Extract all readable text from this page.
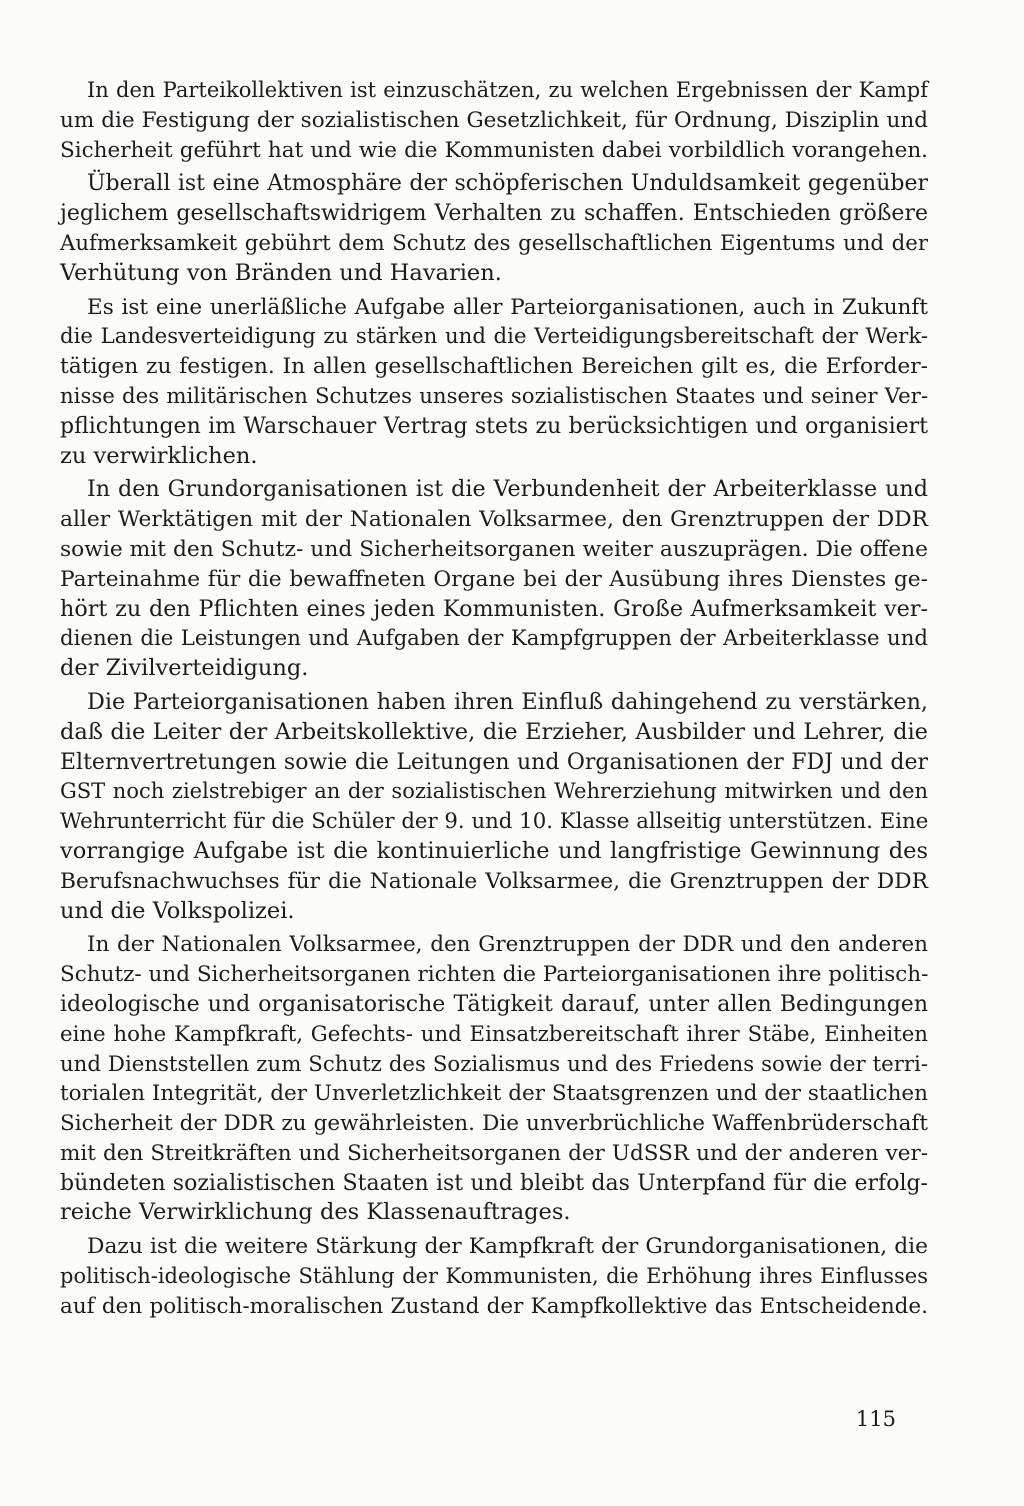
In den Parteikollektiven ist einzuschätzen, zu welchen Ergebnissen der Kampf
um die Festigung der sozialistischen Gesetzlichkeit, für Ordnung, Disziplin und
Sicherheit geführt hat und wie die Kommunisten dabei vorbildlich vorangehen.
Überall ist eine Atmosphäre der schöpferischen Unduldsamkeit gegenüber
jeglichem gesellschaftswidrigem Verhalten zu schaffen. Entschieden größere
Aufmerksamkeit gebührt dem Schutz des gesellschaftlichen Eigentums und der
Verhütung von Bränden und Havarien.
Es ist eine unerläßliche Aufgabe aller Parteiorganisationen, auch in Zukunft
die Landesverteidigung zu stärken und die Verteidigungsbereitschaft der Werk-
tätigen zu festigen. In allen gesellschaftlichen Bereichen gilt es, die Erforder-
nisse des militärischen Schutzes unseres sozialistischen Staates und seiner Ver-
pflichtungen im Warschauer Vertrag stets zu berücksichtigen und organisiert
zu verwirklichen.
In den Grundorganisationen ist die Verbundenheit der Arbeiterklasse und
aller Werktätigen mit der Nationalen Volksarmee, den Grenztruppen der DDR
sowie mit den Schutz- und Sicherheitsorganen weiter auszuprägen. Die offene
Parteinahme für die bewaffneten Organe bei der Ausübung ihres Dienstes ge-
hört zu den Pflichten eines jeden Kommunisten. Große Aufmerksamkeit ver-
dienen die Leistungen und Aufgaben der Kampfgruppen der Arbeiterklasse und
der Zivilverteidigung.
Die Parteiorganisationen haben ihren Einfluß dahingehend zu verstärken,
daß die Leiter der Arbeitskollektive, die Erzieher, Ausbilder und Lehrer, die
Elternvertretungen sowie die Leitungen und Organisationen der FDJ und der
GST noch zielstrebiger an der sozialistischen Wehrerziehung mitwirken und den
Wehrunterricht für die Schüler der 9. und 10. Klasse allseitig unterstützen. Eine
vorrangige Aufgabe ist die kontinuierliche und langfristige Gewinnung des
Berufsnachwuchses für die Nationale Volksarmee, die Grenztruppen der DDR
und die Volkspolizei.
In der Nationalen Volksarmee, den Grenztruppen der DDR und den anderen
Schutz- und Sicherheitsorganen richten die Parteiorganisationen ihre politisch-
ideologische und organisatorische Tätigkeit darauf, unter allen Bedingungen
eine hohe Kampfkraft, Gefechts- und Einsatzbereitschaft ihrer Stäbe, Einheiten
und Dienststellen zum Schutz des Sozialismus und des Friedens sowie der terri-
torialen Integrität, der Unverletzlichkeit der Staatsgrenzen und der staatlichen
Sicherheit der DDR zu gewährleisten. Die unverbrüchliche Waffenbrüderschaft
mit den Streitkräften und Sicherheitsorganen der UdSSR und der anderen ver-
bündeten sozialistischen Staaten ist und bleibt das Unterpfand für die erfolg-
reiche Verwirklichung des Klassenauftrages.
Dazu ist die weitere Stärkung der Kampfkraft der Grundorganisationen, die
politisch-ideologische Stählung der Kommunisten, die Erhöhung ihres Einflusses
auf den politisch-moralischen Zustand der Kampfkollektive das Entscheidende.
115
